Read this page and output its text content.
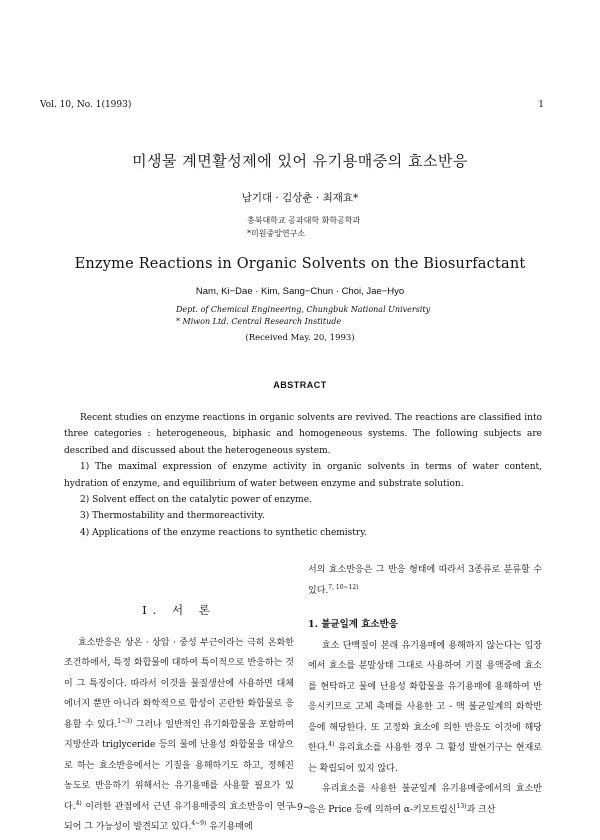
Vol. 10, No. 1(1993)	1
미생물 계면활성제에 있어 유기용매중의 효소반응
남기대 · 김상춘 · 최재효*
충북대학교 공과대학 화학공학과
*미원중앙연구소
Enzyme Reactions in Organic Solvents on the Biosurfactant
Nam, Ki−Dae · Kim, Sang−Chun · Choi, Jae−Hyo
Dept. of Chemical Engineering, Chungbuk National University
* Miwon Ltd. Central Research Institude
(Received May. 20, 1993)
ABSTRACT

Recent studies on enzyme reactions in organic solvents are revived. The reactions are classified into three categories : heterogeneous, biphasic and homogeneous systems. The following subjects are described and discussed about the heterogeneous system.

1) The maximal expression of enzyme activity in organic solvents in terms of water content, hydration of enzyme, and equilibrium of water between enzyme and substrate solution.

2) Solvent effect on the catalytic power of enzyme.

3) Thermostability and thermoreactivity.

4) Applications of the enzyme reactions to synthetic chemistry.

I. 서 론

효소반응은 상온 · 상압 · 중성 부근이라는 극히 온화한 조건하에서, 특정 화합물에 대하여 특이적으로 반응하는 것이 그 특징이다. 따라서 이것을 물질생산에 사용하면 대체에너지 뿐만 아니라 화학적으로 합성이 곤란한 화합물로 응용할 수 있다.$^{1\sim 3)}$ 그러나 일반적인 유기화합물을 포함하여 지방산과 triglyceride 등의 물에 난용성 화합물을 대상으로 하는 효소반응에서는 기질을 용해하기도 하고, 정해진 농도로 반응하기 위해서는 유기용매를 사용할 필요가 있다.$^{4)}$ 이러한 관점에서 근년 유기용매중의 효소반응이 연구되어 그 가능성이 발견되고 있다.$^{4\sim 9)}$ 유기용매에

서의 효소반응은 그 반응 형태에 따라서 3종류로 분류할 수 있다.$^{7, 10\sim 12)}$

1. 불균일계 효소반응

효소 단백질이 본래 유기용매에 용해하지 않는다는 입장에서 효소를 분말상태 그대로 사용하여 기질 용액중에 효소를 현탁하고 물에 난용성 화합물을 유기용매에 용해하여 반응시키므로 고체 촉매를 사용한 고 - 액 불균일계의 화학반응에 해당한다. 또 고정화 효소에 의한 반응도 이것에 해당한다.$^{4)}$ 유리효소를 사용한 경우 그 활성 발현기구는 현재로는 확립되어 있지 않다.

유리효소를 사용한 불균일계 유기용매중에서의 효소반응은 Price 등에 의하여 α-키모트립신$^{13)}$과 크산

−9−
